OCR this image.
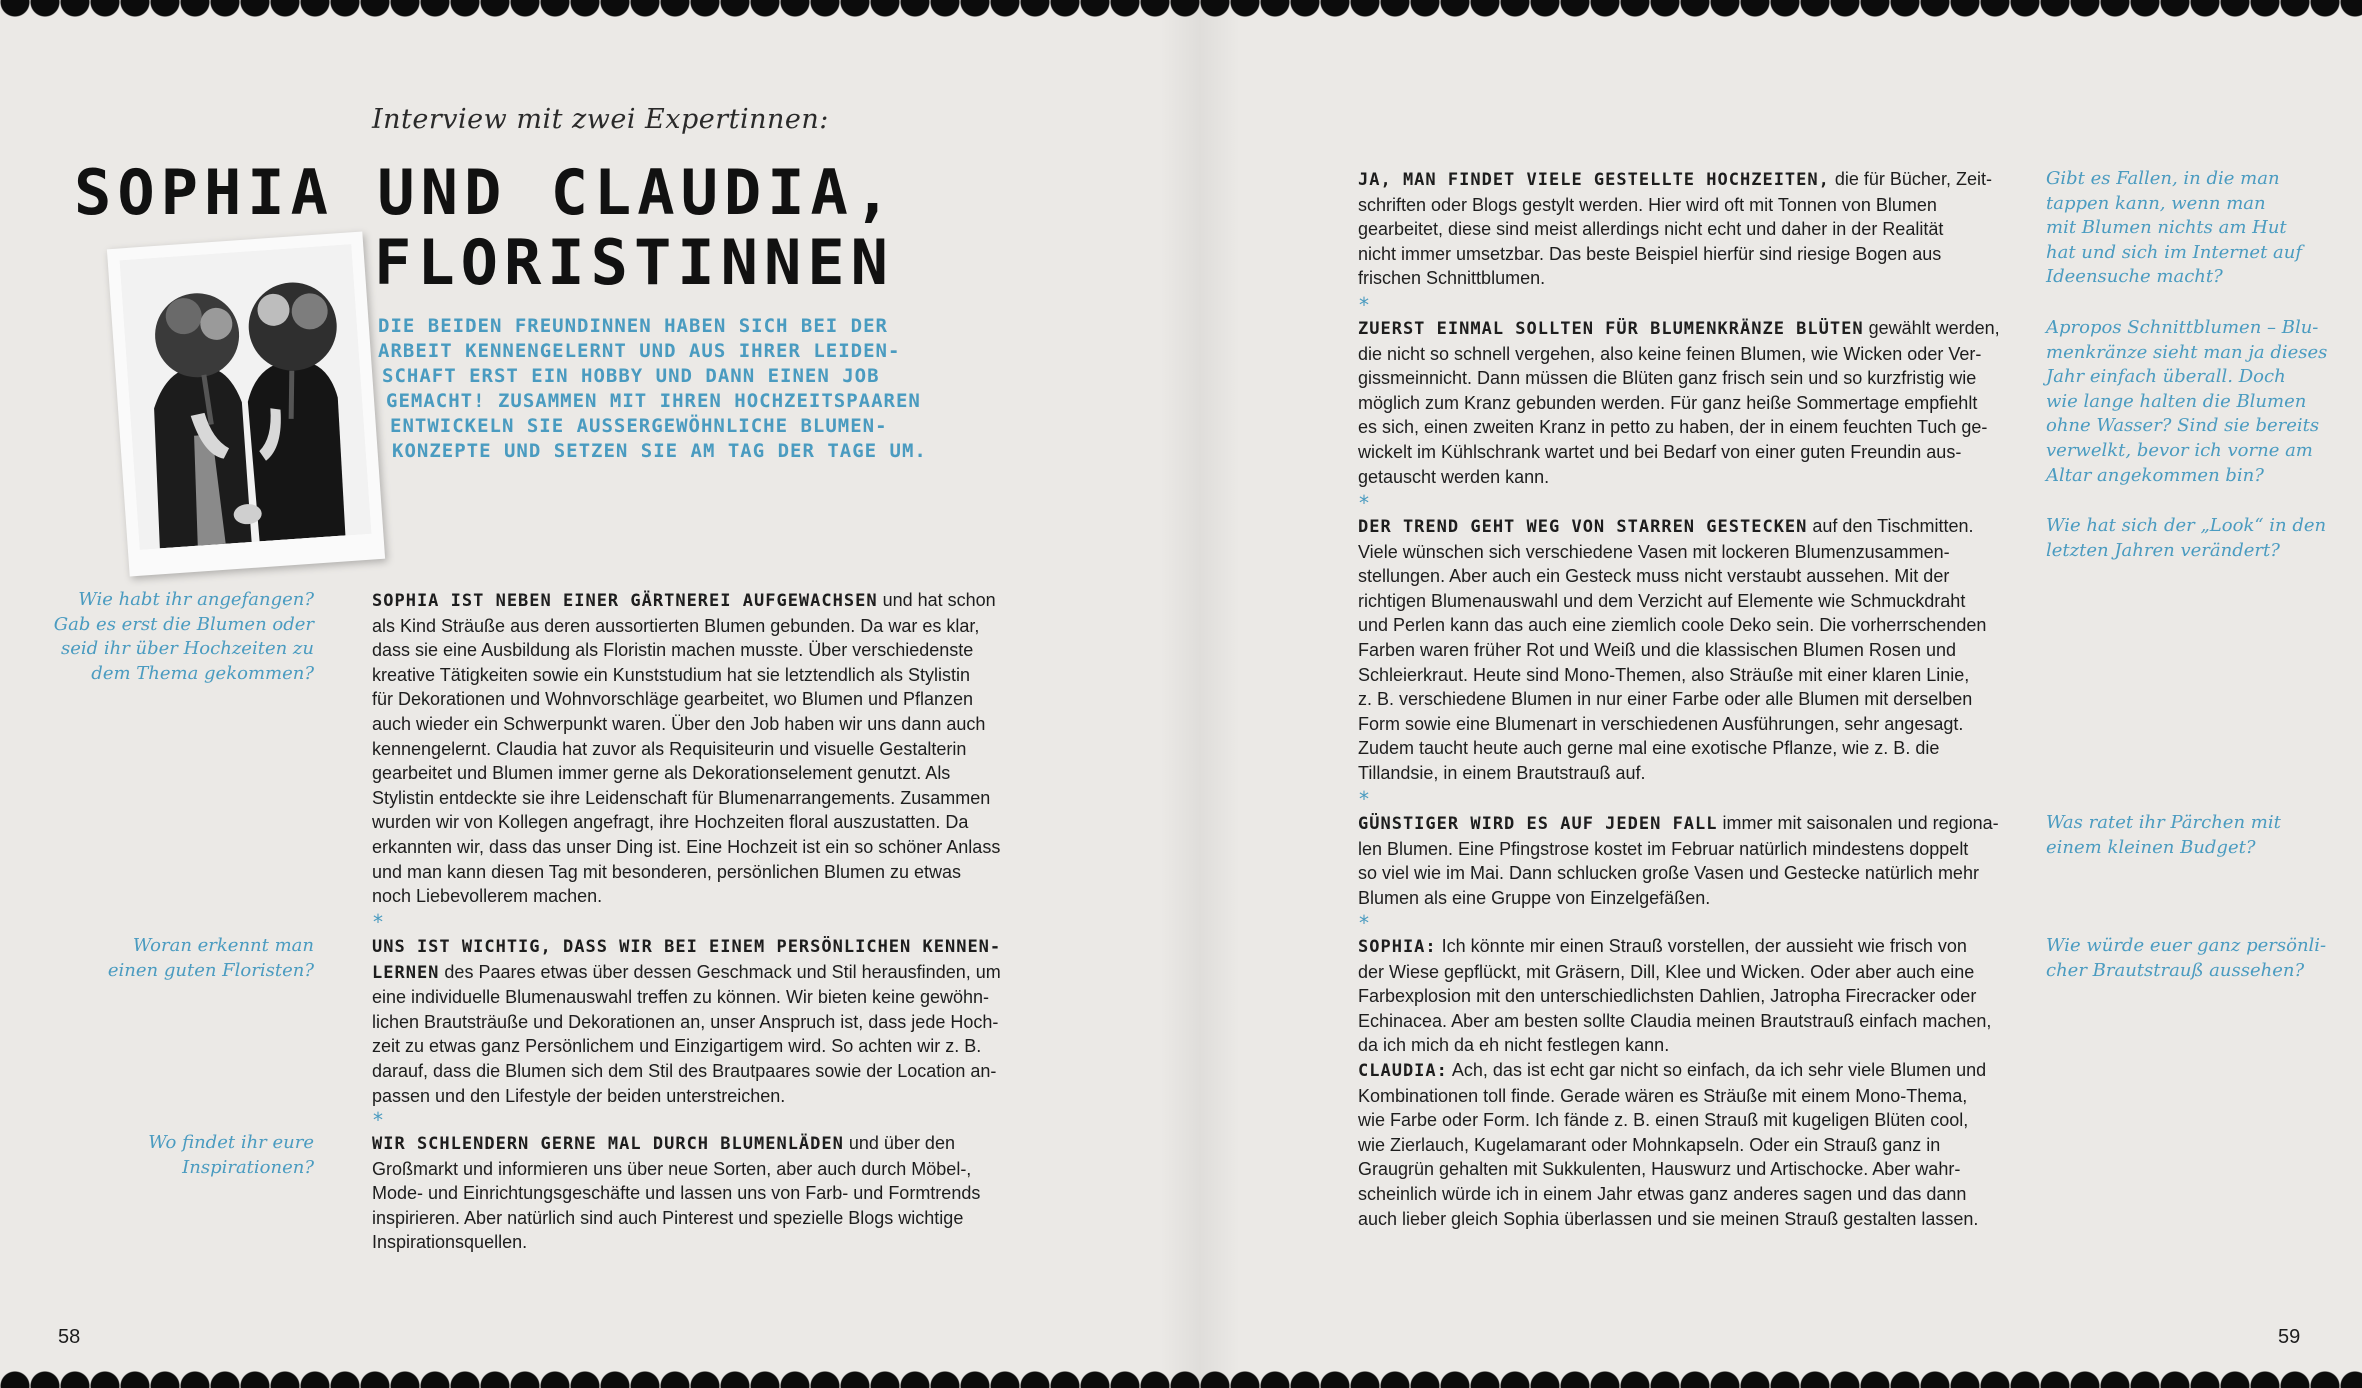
Interview mit zwei Expertinnen:
SOPHIA UND CLAUDIA,
FLORISTINNEN
DIE BEIDEN FREUNDINNEN HABEN SICH BEI DER
ARBEIT KENNENGELERNT UND AUS IHRER LEIDEN-
SCHAFT ERST EIN HOBBY UND DANN EINEN JOB
GEMACHT! ZUSAMMEN MIT IHREN HOCHZEITSPAAREN
ENTWICKELN SIE AUSSERGEWÖHNLICHE BLUMEN-
KONZEPTE UND SETZEN SIE AM TAG DER TAGE UM.
Wie habt ihr angefangen?
Gab es erst die Blumen oder
seid ihr über Hochzeiten zu
dem Thema gekommen?
Woran erkennt man
einen guten Floristen?
Wo findet ihr eure
Inspirationen?
SOPHIA IST NEBEN EINER GÄRTNEREI AUFGEWACHSEN und hat schon
als Kind Sträuße aus deren aussortierten Blumen gebunden. Da war es klar,
dass sie eine Ausbildung als Floristin machen musste. Über verschiedenste
kreative Tätigkeiten sowie ein Kunststudium hat sie letztendlich als Stylistin
für Dekorationen und Wohnvorschläge gearbeitet, wo Blumen und Pflanzen
auch wieder ein Schwerpunkt waren. Über den Job haben wir uns dann auch
kennengelernt. Claudia hat zuvor als Requisiteurin und visuelle Gestalterin
gearbeitet und Blumen immer gerne als Dekorationselement genutzt. Als
Stylistin entdeckte sie ihre Leidenschaft für Blumenarrangements. Zusammen
wurden wir von Kollegen angefragt, ihre Hochzeiten floral auszustatten. Da
erkannten wir, dass das unser Ding ist. Eine Hochzeit ist ein so schöner Anlass
und man kann diesen Tag mit besonderen, persönlichen Blumen zu etwas
noch Liebevollerem machen.
*
UNS IST WICHTIG, DASS WIR BEI EINEM PERSÖNLICHEN KENNEN-
LERNEN des Paares etwas über dessen Geschmack und Stil herausfinden, um
eine individuelle Blumenauswahl treffen zu können. Wir bieten keine gewöhn-
lichen Brautsträuße und Dekorationen an, unser Anspruch ist, dass jede Hoch-
zeit zu etwas ganz Persönlichem und Einzigartigem wird. So achten wir z. B.
darauf, dass die Blumen sich dem Stil des Brautpaares sowie der Location an-
passen und den Lifestyle der beiden unterstreichen.
*
WIR SCHLENDERN GERNE MAL DURCH BLUMENLÄDEN und über den
Großmarkt und informieren uns über neue Sorten, aber auch durch Möbel-,
Mode- und Einrichtungsgeschäfte und lassen uns von Farb- und Formtrends
inspirieren. Aber natürlich sind auch Pinterest und spezielle Blogs wichtige
Inspirationsquellen.
58
JA, MAN FINDET VIELE GESTELLTE HOCHZEITEN, die für Bücher, Zeit-
schriften oder Blogs gestylt werden. Hier wird oft mit Tonnen von Blumen
gearbeitet, diese sind meist allerdings nicht echt und daher in der Realität
nicht immer umsetzbar. Das beste Beispiel hierfür sind riesige Bogen aus
frischen Schnittblumen.
*
ZUERST EINMAL SOLLTEN FÜR BLUMENKRÄNZE BLÜTEN gewählt werden,
die nicht so schnell vergehen, also keine feinen Blumen, wie Wicken oder Ver-
gissmeinnicht. Dann müssen die Blüten ganz frisch sein und so kurzfristig wie
möglich zum Kranz gebunden werden. Für ganz heiße Sommertage empfiehlt
es sich, einen zweiten Kranz in petto zu haben, der in einem feuchten Tuch ge-
wickelt im Kühlschrank wartet und bei Bedarf von einer guten Freundin aus-
getauscht werden kann.
*
DER TREND GEHT WEG VON STARREN GESTECKEN auf den Tischmitten.
Viele wünschen sich verschiedene Vasen mit lockeren Blumenzusammen-
stellungen. Aber auch ein Gesteck muss nicht verstaubt aussehen. Mit der
richtigen Blumenauswahl und dem Verzicht auf Elemente wie Schmuckdraht
und Perlen kann das auch eine ziemlich coole Deko sein. Die vorherrschenden
Farben waren früher Rot und Weiß und die klassischen Blumen Rosen und
Schleierkraut. Heute sind Mono-Themen, also Sträuße mit einer klaren Linie,
z. B. verschiedene Blumen in nur einer Farbe oder alle Blumen mit derselben
Form sowie eine Blumenart in verschiedenen Ausführungen, sehr angesagt.
Zudem taucht heute auch gerne mal eine exotische Pflanze, wie z. B. die
Tillandsie, in einem Brautstrauß auf.
*
GÜNSTIGER WIRD ES AUF JEDEN FALL immer mit saisonalen und regiona-
len Blumen. Eine Pfingstrose kostet im Februar natürlich mindestens doppelt
so viel wie im Mai. Dann schlucken große Vasen und Gestecke natürlich mehr
Blumen als eine Gruppe von Einzelgefäßen.
*
SOPHIA: Ich könnte mir einen Strauß vorstellen, der aussieht wie frisch von
der Wiese gepflückt, mit Gräsern, Dill, Klee und Wicken. Oder aber auch eine
Farbexplosion mit den unterschiedlichsten Dahlien, Jatropha Firecracker oder
Echinacea. Aber am besten sollte Claudia meinen Brautstrauß einfach machen,
da ich mich da eh nicht festlegen kann.
CLAUDIA: Ach, das ist echt gar nicht so einfach, da ich sehr viele Blumen und
Kombinationen toll finde. Gerade wären es Sträuße mit einem Mono-Thema,
wie Farbe oder Form. Ich fände z. B. einen Strauß mit kugeligen Blüten cool,
wie Zierlauch, Kugelamarant oder Mohnkapseln. Oder ein Strauß ganz in
Graugrün gehalten mit Sukkulenten, Hauswurz und Artischocke. Aber wahr-
scheinlich würde ich in einem Jahr etwas ganz anderes sagen und das dann
auch lieber gleich Sophia überlassen und sie meinen Strauß gestalten lassen.
Gibt es Fallen, in die man
tappen kann, wenn man
mit Blumen nichts am Hut
hat und sich im Internet auf
Ideensuche macht?
Apropos Schnittblumen – Blu-
menkränze sieht man ja dieses
Jahr einfach überall. Doch
wie lange halten die Blumen
ohne Wasser? Sind sie bereits
verwelkt, bevor ich vorne am
Altar angekommen bin?
Wie hat sich der „Look“ in den
letzten Jahren verändert?
Was ratet ihr Pärchen mit
einem kleinen Budget?
Wie würde euer ganz persönli-
cher Brautstrauß aussehen?
59
